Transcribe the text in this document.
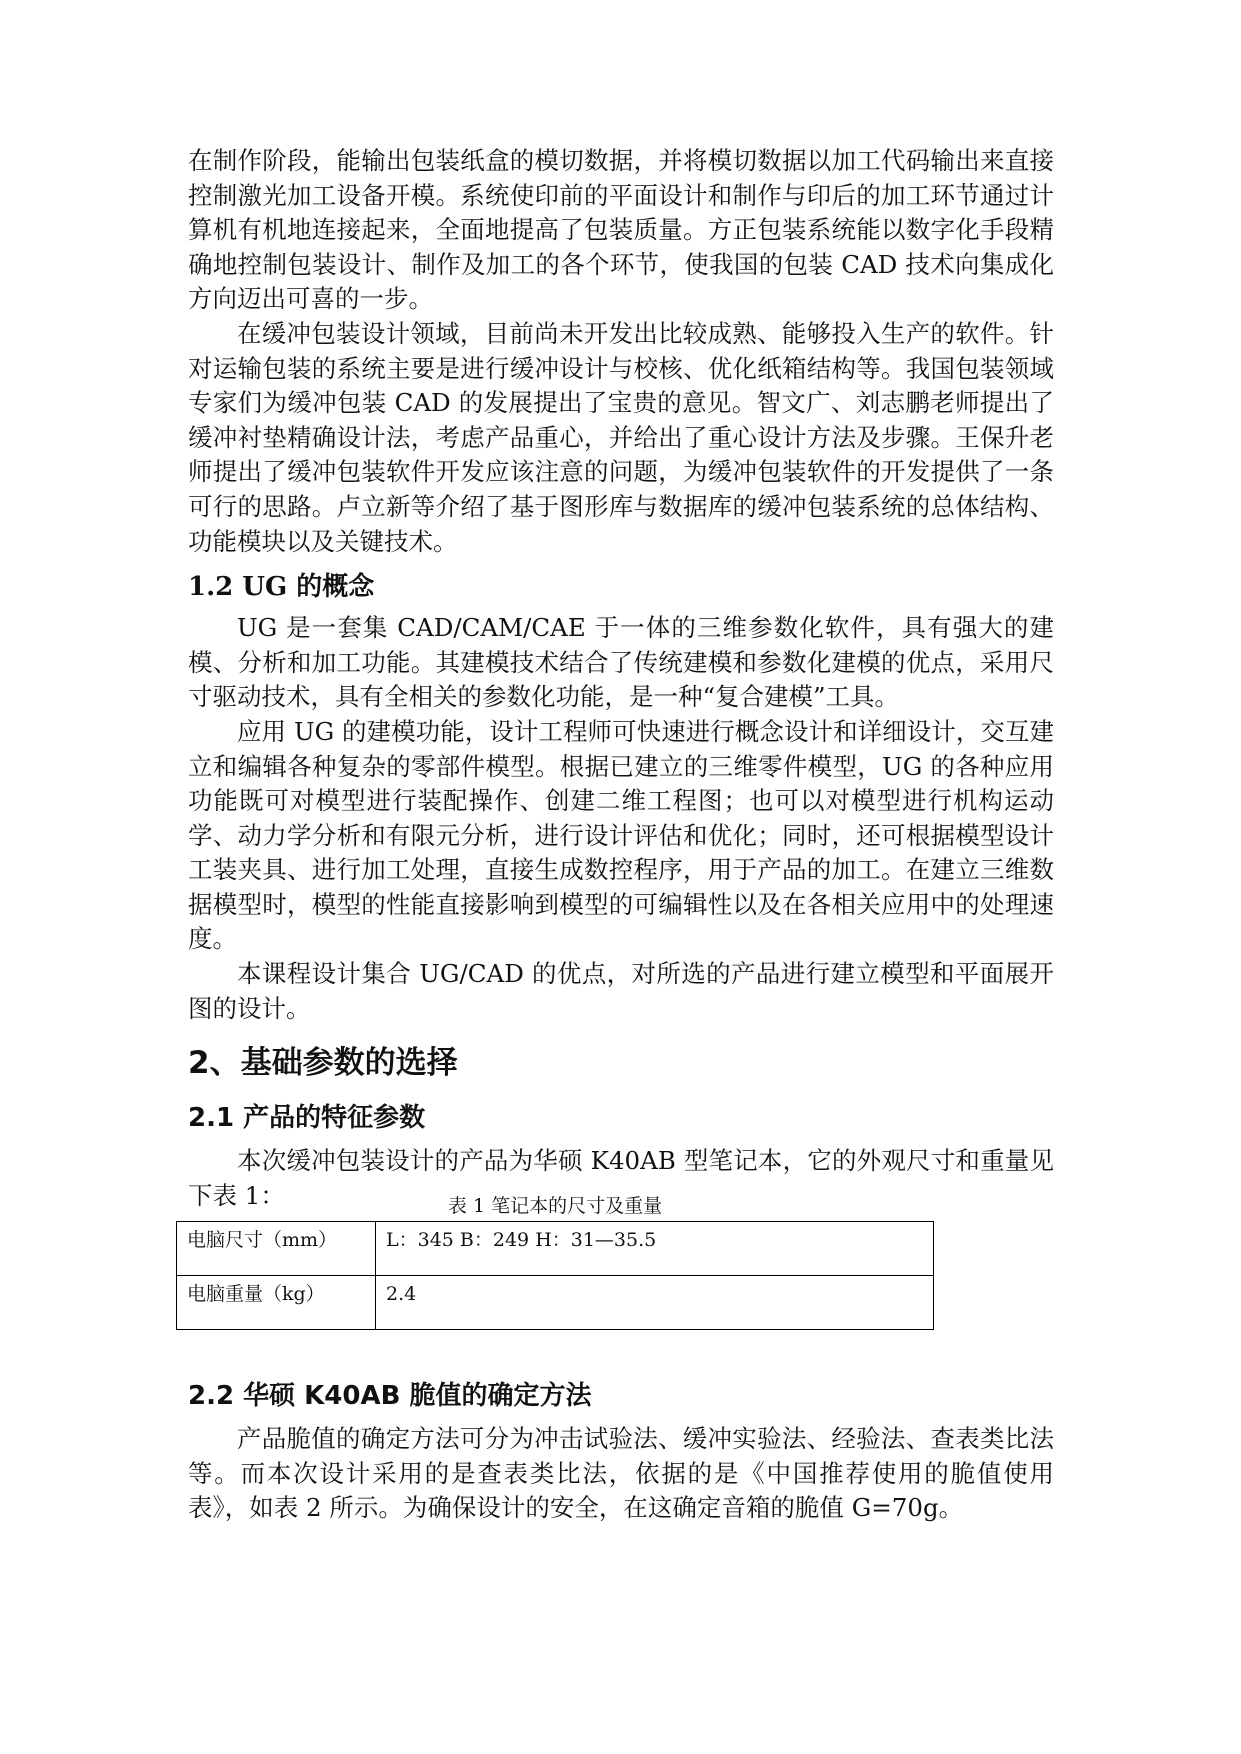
在制作阶段，能输出包装纸盒的模切数据，并将模切数据以加工代码输出来直接控制激光加工设备开模。系统使印前的平面设计和制作与印后的加工环节通过计算机有机地连接起来，全面地提高了包装质量。方正包装系统能以数字化手段精确地控制包装设计、制作及加工的各个环节，使我国的包装 CAD 技术向集成化方向迈出可喜的一步。

在缓冲包装设计领域，目前尚未开发出比较成熟、能够投入生产的软件。针对运输包装的系统主要是进行缓冲设计与校核、优化纸箱结构等。我国包装领域专家们为缓冲包装 CAD 的发展提出了宝贵的意见。智文广、刘志鹏老师提出了缓冲衬垫精确设计法，考虑产品重心，并给出了重心设计方法及步骤。王保升老师提出了缓冲包装软件开发应该注意的问题，为缓冲包装软件的开发提供了一条可行的思路。卢立新等介绍了基于图形库与数据库的缓冲包装系统的总体结构、功能模块以及关键技术。

1.2 UG 的概念

UG 是一套集 CAD/CAM/CAE 于一体的三维参数化软件，具有强大的建模、分析和加工功能。其建模技术结合了传统建模和参数化建模的优点，采用尺寸驱动技术，具有全相关的参数化功能，是一种“复合建模”工具。

应用 UG 的建模功能，设计工程师可快速进行概念设计和详细设计，交互建立和编辑各种复杂的零部件模型。根据已建立的三维零件模型，UG 的各种应用功能既可对模型进行装配操作、创建二维工程图；也可以对模型进行机构运动学、动力学分析和有限元分析，进行设计评估和优化；同时，还可根据模型设计工装夹具、进行加工处理，直接生成数控程序，用于产品的加工。在建立三维数据模型时，模型的性能直接影响到模型的可编辑性以及在各相关应用中的处理速度。

本课程设计集合 UG/CAD 的优点，对所选的产品进行建立模型和平面展开图的设计。

2、基础参数的选择
2.1 产品的特征参数

本次缓冲包装设计的产品为华硕 K40AB 型笔记本，它的外观尺寸和重量见下表 1：	表 1 笔记本的尺寸及重量

电脑尺寸（mm）	L：345 B：249 H：31—35.5
电脑重量（kg）	2.4
2.2 华硕 K40AB 脆值的确定方法

产品脆值的确定方法可分为冲击试验法、缓冲实验法、经验法、查表类比法等。而本次设计采用的是查表类比法，依据的是《中国推荐使用的脆值使用表》，如表 2 所示。为确保设计的安全，在这确定音箱的脆值 G=70g。
